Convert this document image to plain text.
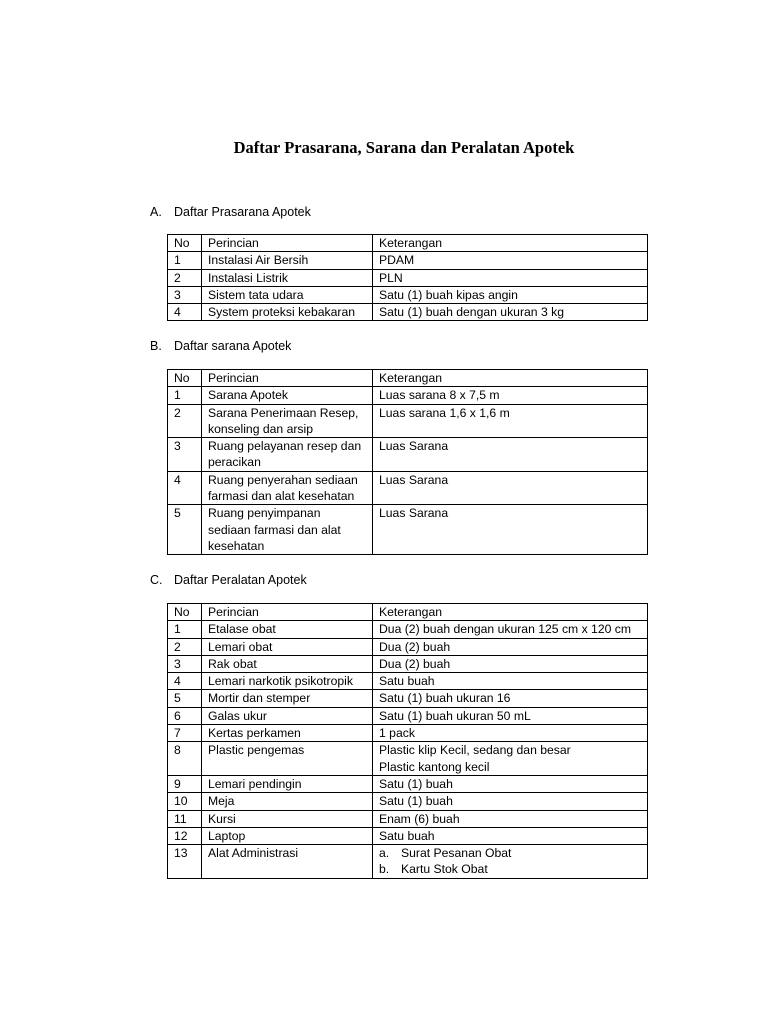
Daftar Prasarana, Sarana dan Peralatan Apotek
A. Daftar Prasarana Apotek
No	Perincian	Keterangan
1	Instalasi Air Bersih	PDAM
2	Instalasi Listrik	PLN
3	Sistem tata udara	Satu (1) buah kipas angin
4	System proteksi kebakaran	Satu (1) buah dengan ukuran 3 kg
B. Daftar sarana Apotek
No	Perincian	Keterangan
1	Sarana Apotek	Luas sarana 8 x 7,5 m
2	Sarana Penerimaan Resep, konseling dan arsip	Luas sarana 1,6 x 1,6 m
3	Ruang pelayanan resep dan peracikan	Luas Sarana
4	Ruang penyerahan sediaan farmasi dan alat kesehatan	Luas Sarana
5	Ruang penyimpanan sediaan farmasi dan alat kesehatan	Luas Sarana
C. Daftar Peralatan Apotek
No	Perincian	Keterangan
1	Etalase obat	Dua (2) buah dengan ukuran 125 cm x 120 cm
2	Lemari obat	Dua (2) buah
3	Rak obat	Dua (2) buah
4	Lemari narkotik psikotropik	Satu buah
5	Mortir dan stemper	Satu (1) buah ukuran 16
6	Galas ukur	Satu (1) buah ukuran 50 mL
7	Kertas perkamen	1 pack
8	Plastic pengemas	Plastic klip Kecil, sedang dan besar
Plastic kantong kecil

9	Lemari pendingin	Satu (1) buah
10	Meja	Satu (1) buah
11	Kursi	Enam (6) buah
12	Laptop	Satu buah
13	Alat Administrasi	a. Surat Pesanan Obat
b. Kartu Stok Obat
